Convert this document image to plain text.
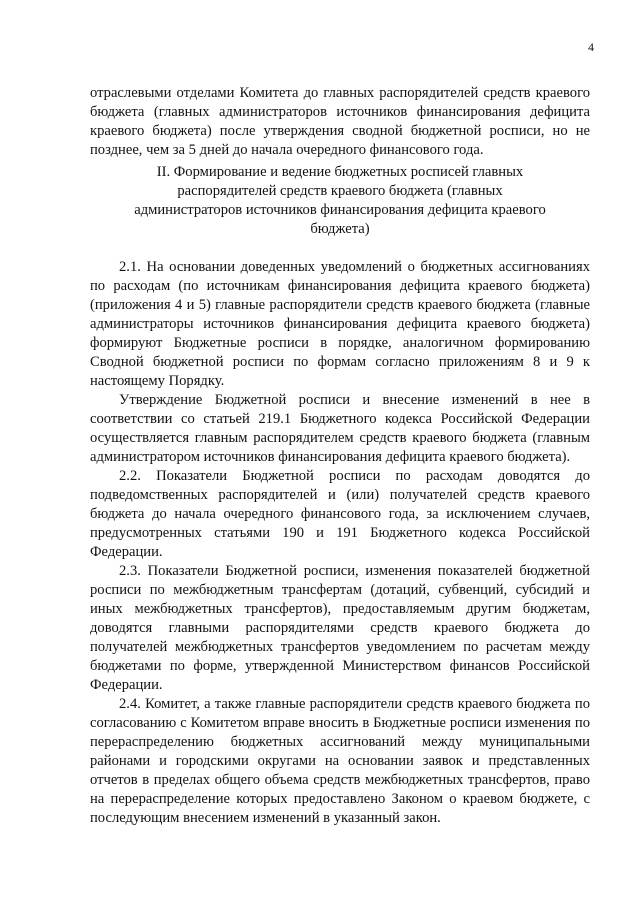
4

отраслевыми отделами Комитета до главных распорядителей средств краевого бюджета (главных администраторов источников финансирования дефицита краевого бюджета) после утверждения сводной бюджетной росписи, но не позднее, чем за 5 дней до начала очередного финансового года.

II. Формирование и ведение бюджетных росписей главных распорядителей средств краевого бюджета (главных администраторов источников финансирования дефицита краевого бюджета)

2.1. На основании доведенных уведомлений о бюджетных ассигнованиях по расходам (по источникам финансирования дефицита краевого бюджета) (приложения 4 и 5) главные распорядители средств краевого бюджета (главные администраторы источников финансирования дефицита краевого бюджета) формируют Бюджетные росписи в порядке, аналогичном формированию Сводной бюджетной росписи по формам согласно приложениям 8 и 9 к настоящему Порядку.

Утверждение Бюджетной росписи и внесение изменений в нее в соответствии со статьей 219.1 Бюджетного кодекса Российской Федерации осуществляется главным распорядителем средств краевого бюджета (главным администратором источников финансирования дефицита краевого бюджета).

2.2. Показатели Бюджетной росписи по расходам доводятся до подведомственных распорядителей и (или) получателей средств краевого бюджета до начала очередного финансового года, за исключением случаев, предусмотренных статьями 190 и 191 Бюджетного кодекса Российской Федерации.

2.3. Показатели Бюджетной росписи, изменения показателей бюджетной росписи по межбюджетным трансфертам (дотаций, субвенций, субсидий и иных межбюджетных трансфертов), предоставляемым другим бюджетам, доводятся главными распорядителями средств краевого бюджета до получателей межбюджетных трансфертов уведомлением по расчетам между бюджетами по форме, утвержденной Министерством финансов Российской Федерации.

2.4. Комитет, а также главные распорядители средств краевого бюджета по согласованию с Комитетом вправе вносить в Бюджетные росписи изменения по перераспределению бюджетных ассигнований между муниципальными районами и городскими округами на основании заявок и представленных отчетов в пределах общего объема средств межбюджетных трансфертов, право на перераспределение которых предоставлено Законом о краевом бюджете, с последующим внесением изменений в указанный закон.
